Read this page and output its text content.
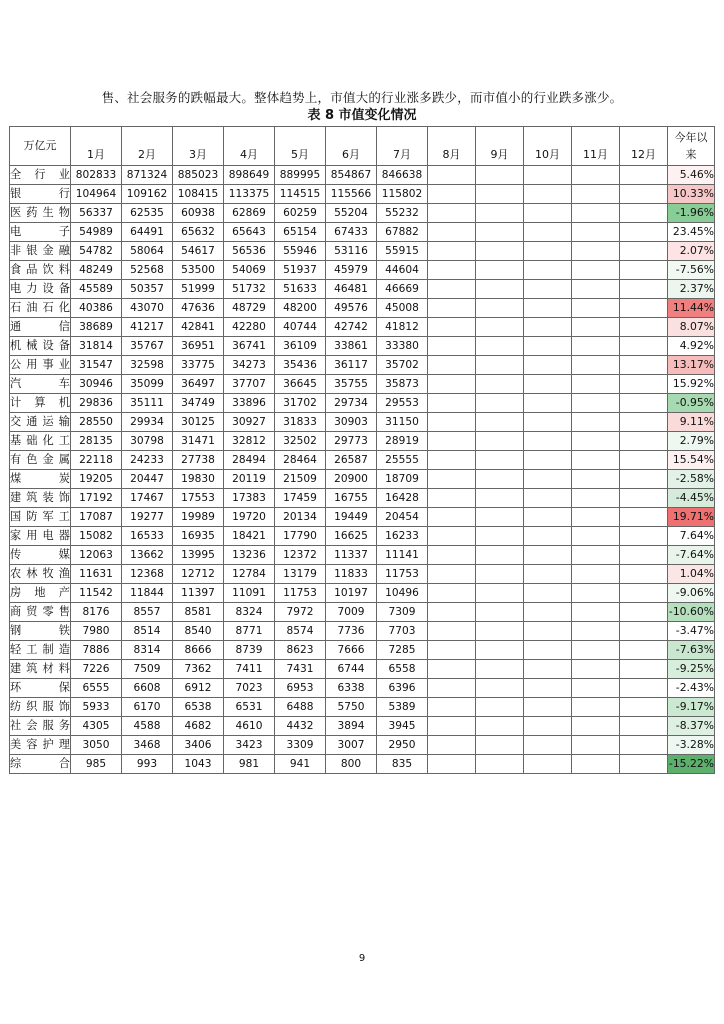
售、社会服务的跌幅最大。整体趋势上，市值大的行业涨多跌少，而市值小的行业跌多涨少。
表 8 市值变化情况
万亿元	1月	2月	3月	4月	5月	6月	7月	8月	9月	10月	11月	12月	今年以
来
全行业	802833	871324	885023	898649	889995	854867	846638						5.46%
银行	104964	109162	108415	113375	114515	115566	115802						10.33%
医药生物	56337	62535	60938	62869	60259	55204	55232						-1.96%
电子	54989	64491	65632	65643	65154	67433	67882						23.45%
非银金融	54782	58064	54617	56536	55946	53116	55915						2.07%
食品饮料	48249	52568	53500	54069	51937	45979	44604						-7.56%
电力设备	45589	50357	51999	51732	51633	46481	46669						2.37%
石油石化	40386	43070	47636	48729	48200	49576	45008						11.44%
通信	38689	41217	42841	42280	40744	42742	41812						8.07%
机械设备	31814	35767	36951	36741	36109	33861	33380						4.92%
公用事业	31547	32598	33775	34273	35436	36117	35702						13.17%
汽车	30946	35099	36497	37707	36645	35755	35873						15.92%
计算机	29836	35111	34749	33896	31702	29734	29553						-0.95%
交通运输	28550	29934	30125	30927	31833	30903	31150						9.11%
基础化工	28135	30798	31471	32812	32502	29773	28919						2.79%
有色金属	22118	24233	27738	28494	28464	26587	25555						15.54%
煤炭	19205	20447	19830	20119	21509	20900	18709						-2.58%
建筑装饰	17192	17467	17553	17383	17459	16755	16428						-4.45%
国防军工	17087	19277	19989	19720	20134	19449	20454						19.71%
家用电器	15082	16533	16935	18421	17790	16625	16233						7.64%
传媒	12063	13662	13995	13236	12372	11337	11141						-7.64%
农林牧渔	11631	12368	12712	12784	13179	11833	11753						1.04%
房地产	11542	11844	11397	11091	11753	10197	10496						-9.06%
商贸零售	8176	8557	8581	8324	7972	7009	7309						-10.60%
钢铁	7980	8514	8540	8771	8574	7736	7703						-3.47%
轻工制造	7886	8314	8666	8739	8623	7666	7285						-7.63%
建筑材料	7226	7509	7362	7411	7431	6744	6558						-9.25%
环保	6555	6608	6912	7023	6953	6338	6396						-2.43%
纺织服饰	5933	6170	6538	6531	6488	5750	5389						-9.17%
社会服务	4305	4588	4682	4610	4432	3894	3945						-8.37%
美容护理	3050	3468	3406	3423	3309	3007	2950						-3.28%
综合	985	993	1043	981	941	800	835						-15.22%
9
